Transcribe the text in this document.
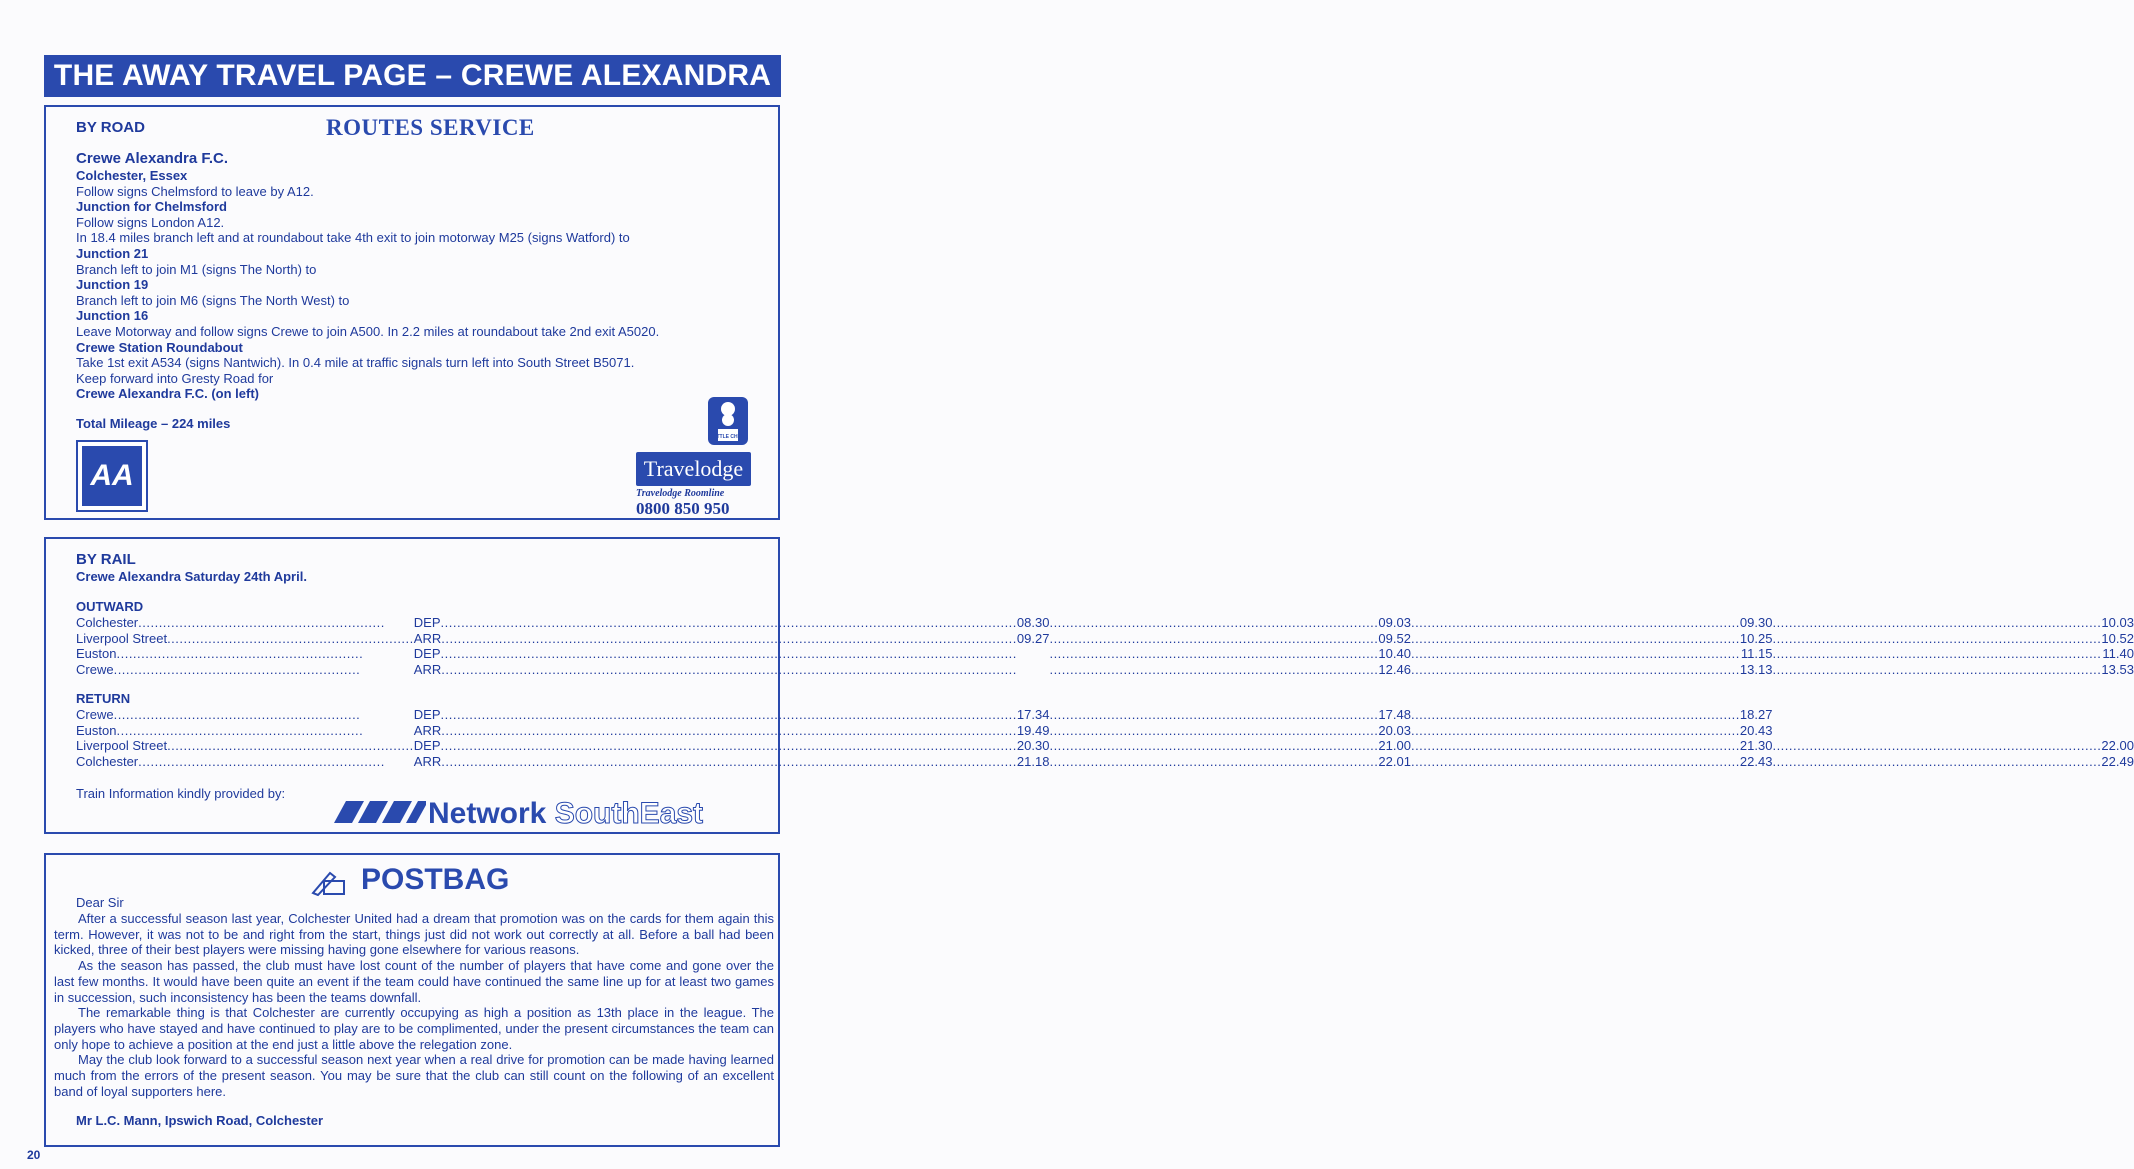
THE AWAY TRAVEL PAGE – CREWE ALEXANDRA
BY ROAD	ROUTES SERVICE
Crewe Alexandra F.C.
Colchester, Essex
Follow signs Chelmsford to leave by A12.
Junction for Chelmsford
Follow signs London A12.
In 18.4 miles branch left and at roundabout take 4th exit to join motorway M25 (signs Watford) to
Junction 21
Branch left to join M1 (signs The North) to
Junction 19
Branch left to join M6 (signs The North West) to
Junction 16
Leave Motorway and follow signs Crewe to join A500. In 2.2 miles at roundabout take 2nd exit A5020.
Crewe Station Roundabout
Take 1st exit A534 (signs Nantwich). In 0.4 mile at traffic signals turn left into South Street B5071.
Keep forward into Gresty Road for
Crewe Alexandra F.C. (on left)
Total Mileage – 224 miles
AA
LITTLE CHEF
Travelodge
Travelodge Roomline
0800 850 950
BY RAIL
Crewe Alexandra Saturday 24th April.
OUTWARD
Colchester ............................................................	DEP ............................................................	................................................................................ 08.30	................................................................................ 09.03	................................................................................ 09.30	................................................................................ 10.03

Liverpool Street ............................................................	ARR ............................................................	................................................................................ 09.27	................................................................................ 09.52	................................................................................ 10.25	................................................................................ 10.52

Euston ............................................................	DEP ............................................................	................................................................................	................................................................................ 10.40	................................................................................ 11.15	................................................................................ 11.40

Crewe ............................................................	ARR ............................................................	................................................................................	................................................................................ 12.46	................................................................................ 13.13	................................................................................ 13.53
RETURN
Crewe ............................................................	DEP ............................................................	................................................................................ 17.34	................................................................................ 17.48	................................................................................ 18.27	

Euston ............................................................	ARR ............................................................	................................................................................ 19.49	................................................................................ 20.03	................................................................................ 20.43	

Liverpool Street ............................................................	DEP ............................................................	................................................................................ 20.30	................................................................................ 21.00	................................................................................ 21.30	................................................................................ 22.00

Colchester ............................................................	ARR ............................................................	................................................................................ 21.18	................................................................................ 22.01	................................................................................ 22.43	................................................................................ 22.49
Train Information kindly provided by:
Network SouthEast
POSTBAG
Dear Sir

After a successful season last year, Colchester United had a dream that promotion was on the cards for them again this term. However, it was not to be and right from the start, things just did not work out correctly at all. Before a ball had been kicked, three of their best players were missing having gone elsewhere for various reasons.

As the season has passed, the club must have lost count of the number of players that have come and gone over the last few months. It would have been quite an event if the team could have continued the same line up for at least two games in succession, such inconsistency has been the teams downfall.

The remarkable thing is that Colchester are currently occupying as high a position as 13th place in the league. The players who have stayed and have continued to play are to be complimented, under the present circumstances the team can only hope to achieve a position at the end just a little above the relegation zone.

May the club look forward to a successful season next year when a real drive for promotion can be made having learned much from the errors of the present season. You may be sure that the club can still count on the following of an excellent band of loyal supporters here.

Mr L.C. Mann, Ipswich Road, Colchester
20
